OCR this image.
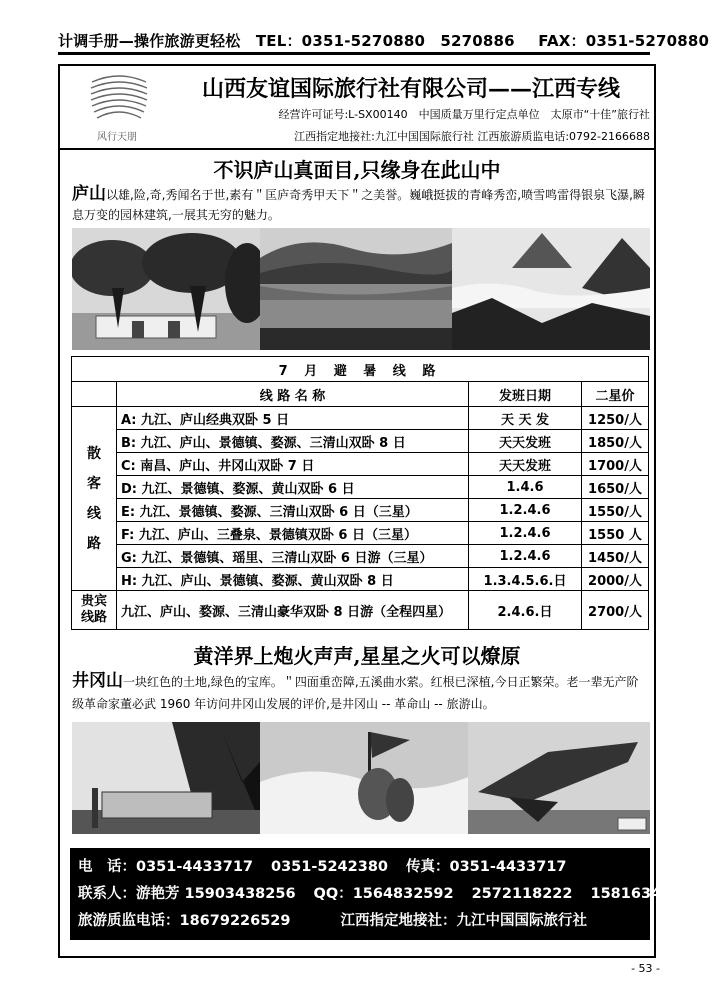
计调手册—操作旅游更轻松 TEL：0351-5270880　5270886 FAX：0351-5270880
风行天朋
山西友谊国际旅行社有限公司——江西专线
经营许可证号:L-SX00140　中国质量万里行定点单位　太原市“十佳”旅行社
江西指定地接社:九江中国国际旅行社 江西旅游质监电话:0792-2166688
不识庐山真面目,只缘身在此山中
庐山以雄,险,奇,秀闻名于世,素有＂匡庐奇秀甲天下＂之美誉。巍峨挺拔的青峰秀峦,喷雪鸣雷得银泉飞瀑,瞬息万变的园林建筑,一展其无穷的魅力。
7 月 避 暑 线 路			
	线 路 名 称	发班日期	二星价

散
客
线
路	A: 九江、庐山经典双卧 5 日	天 天 发	1250/人
	B: 九江、庐山、景德镇、婺源、三清山双卧 8 日	天天发班	1850/人
	C: 南昌、庐山、井冈山双卧 7 日	天天发班	1700/人
	D: 九江、景德镇、婺源、黄山双卧 6 日	1.4.6	1650/人
	E: 九江、景德镇、婺源、三清山双卧 6 日（三星）	1.2.4.6	1550/人
	F: 九江、庐山、三叠泉、景德镇双卧 6 日（三星）	1.2.4.6	1550 人
	G: 九江、景德镇、瑶里、三清山双卧 6 日游（三星）	1.2.4.6	1450/人
	H: 九江、庐山、景德镇、婺源、黄山双卧 8 日	1.3.4.5.6.日	2000/人

贵宾
线路	九江、庐山、婺源、三清山豪华双卧 8 日游（全程四星）	2.4.6.日	2700/人
黄洋界上炮火声声,星星之火可以燎原
井冈山一块红色的土地,绿色的宝库。＂四面重峦障,五溪曲水萦。红根已深植,今日正繁荣。老一辈无产阶级革命家董必武 1960 年访问井冈山发展的评价,是井冈山 -- 革命山 -- 旅游山。
电　话：0351-4433717 0351-5242380 传真：0351-4433717
联系人：游艳芳 15903438256 QQ：1564832592 2572118222 1581634574
旅游质监电话：18679226529	江西指定地接社：九江中国国际旅行社
- 53 -
